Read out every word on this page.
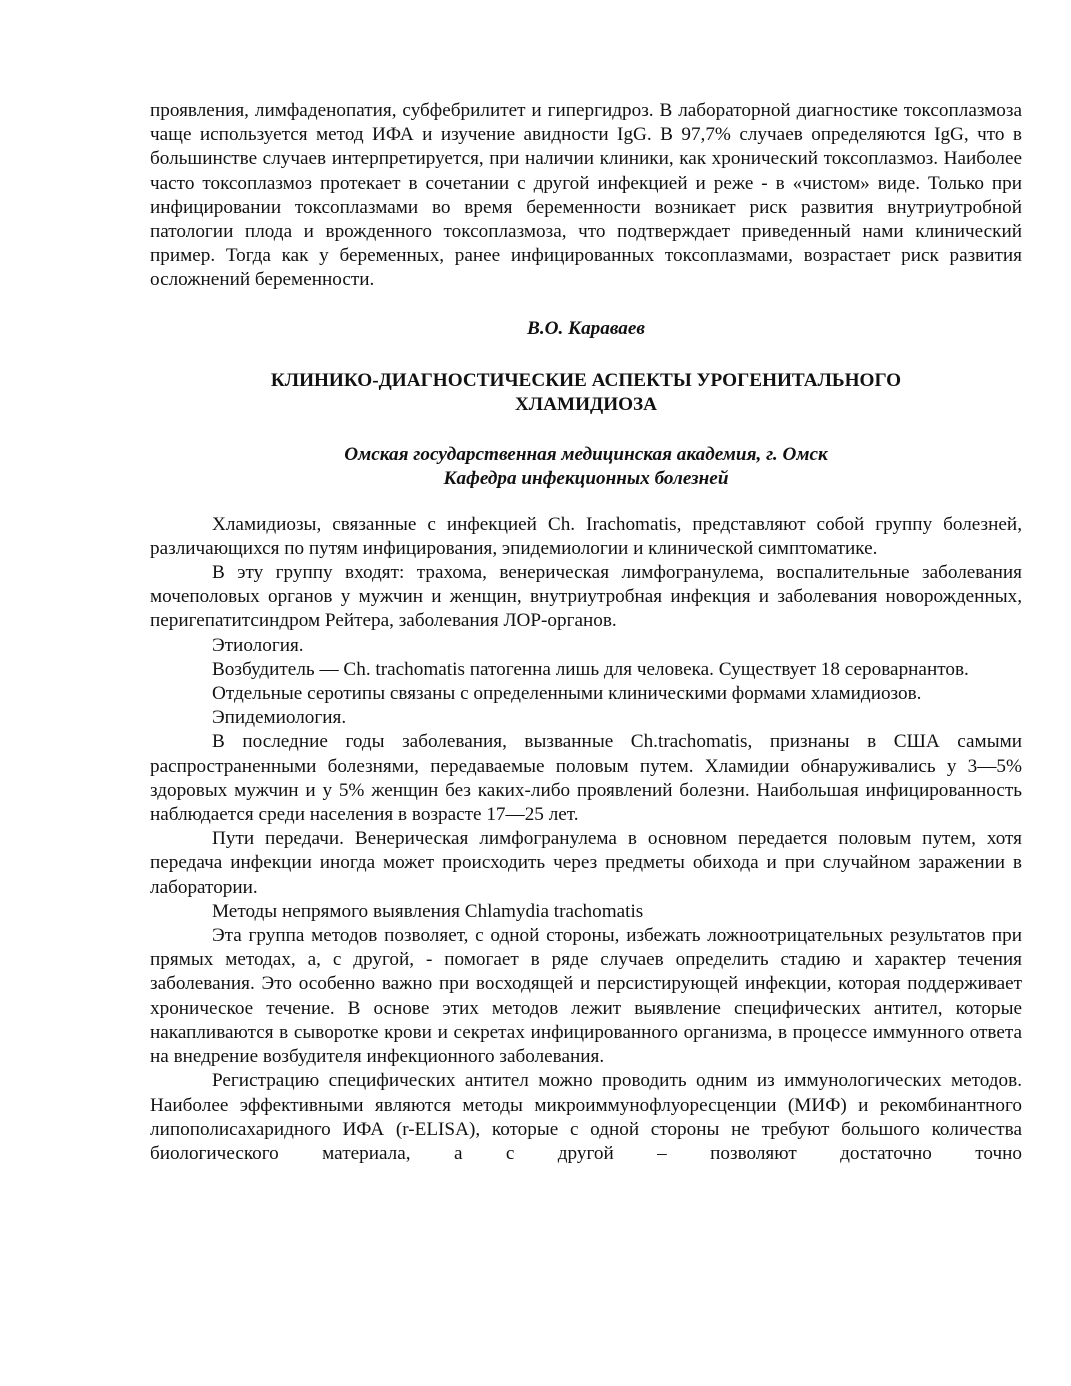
проявления, лимфаденопатия, субфебрилитет и гипергидроз. В лабораторной диагностике токсоплазмоза чаще используется метод ИФА и изучение авидности IgG. В 97,7% случаев определяются IgG, что в большинстве случаев интерпретируется, при наличии клиники, как хронический токсоплазмоз. Наиболее часто токсоплазмоз протекает в сочетании с другой инфекцией и реже - в «чистом» виде. Только при инфицировании токсоплазмами во время беременности возникает риск развития внутриутробной патологии плода и врожденного токсоплазмоза, что подтверждает приведенный нами клинический пример. Тогда как у беременных, ранее инфицированных токсоплазмами, возрастает риск развития осложнений беременности.

В.О. Караваев
КЛИНИКО-ДИАГНОСТИЧЕСКИЕ АСПЕКТЫ УРОГЕНИТАЛЬНОГО
ХЛАМИДИОЗА
Омская государственная медицинская академия, г. Омск
Кафедра инфекционных болезней

Хламидиозы, связанные с инфекцией Ch. Irachomatis, представляют собой группу болезней, различающихся по путям инфицирования, эпидемиологии и клинической симптоматике.

В эту группу входят: трахома, венерическая лимфогранулема, воспалительные заболевания мочеполовых органов у мужчин и женщин, внутриутробная инфекция и заболевания новорожденных, перигепатитсиндром Рейтера, заболевания ЛОР-органов.

Этиология.

Возбудитель — Ch. trachomatis патогенна лишь для человека. Существует 18 сероварнантов.

Отдельные серотипы связаны с определенными клиническими формами хламидиозов.

Эпидемиология.

В последние годы заболевания, вызванные Ch.trachomatis, признаны в США самыми распространенными болезнями, передаваемые половым путем. Хламидии обнаруживались у 3—5% здоровых мужчин и у 5% женщин без каких-либо проявлений болезни. Наибольшая инфицированность наблюдается среди населения в возрасте 17—25 лет.

Пути передачи. Венерическая лимфогранулема в основном передается половым путем, хотя передача инфекции иногда может происходить через предметы обихода и при случайном заражении в лаборатории.

Методы непрямого выявления Chlamydia trachomatis

Эта группа методов позволяет, с одной стороны, избежать ложноотрицательных результатов при прямых методах, а, с другой, - помогает в ряде случаев определить стадию и характер течения заболевания. Это особенно важно при восходящей и персистирующей инфекции, которая поддерживает хроническое течение. В основе этих методов лежит выявление специфических антител, которые накапливаются в сыворотке крови и секретах инфицированного организма, в процессе иммунного ответа на внедрение возбудителя инфекционного заболевания.

Регистрацию специфических антител можно проводить одним из иммунологических методов. Наиболее эффективными являются методы микроиммунофлуоресценции (МИФ) и рекомбинантного липополисахаридного ИФА (r-ELISA), которые с одной стороны не требуют большого количества биологического материала, а с другой – позволяют достаточно точно
